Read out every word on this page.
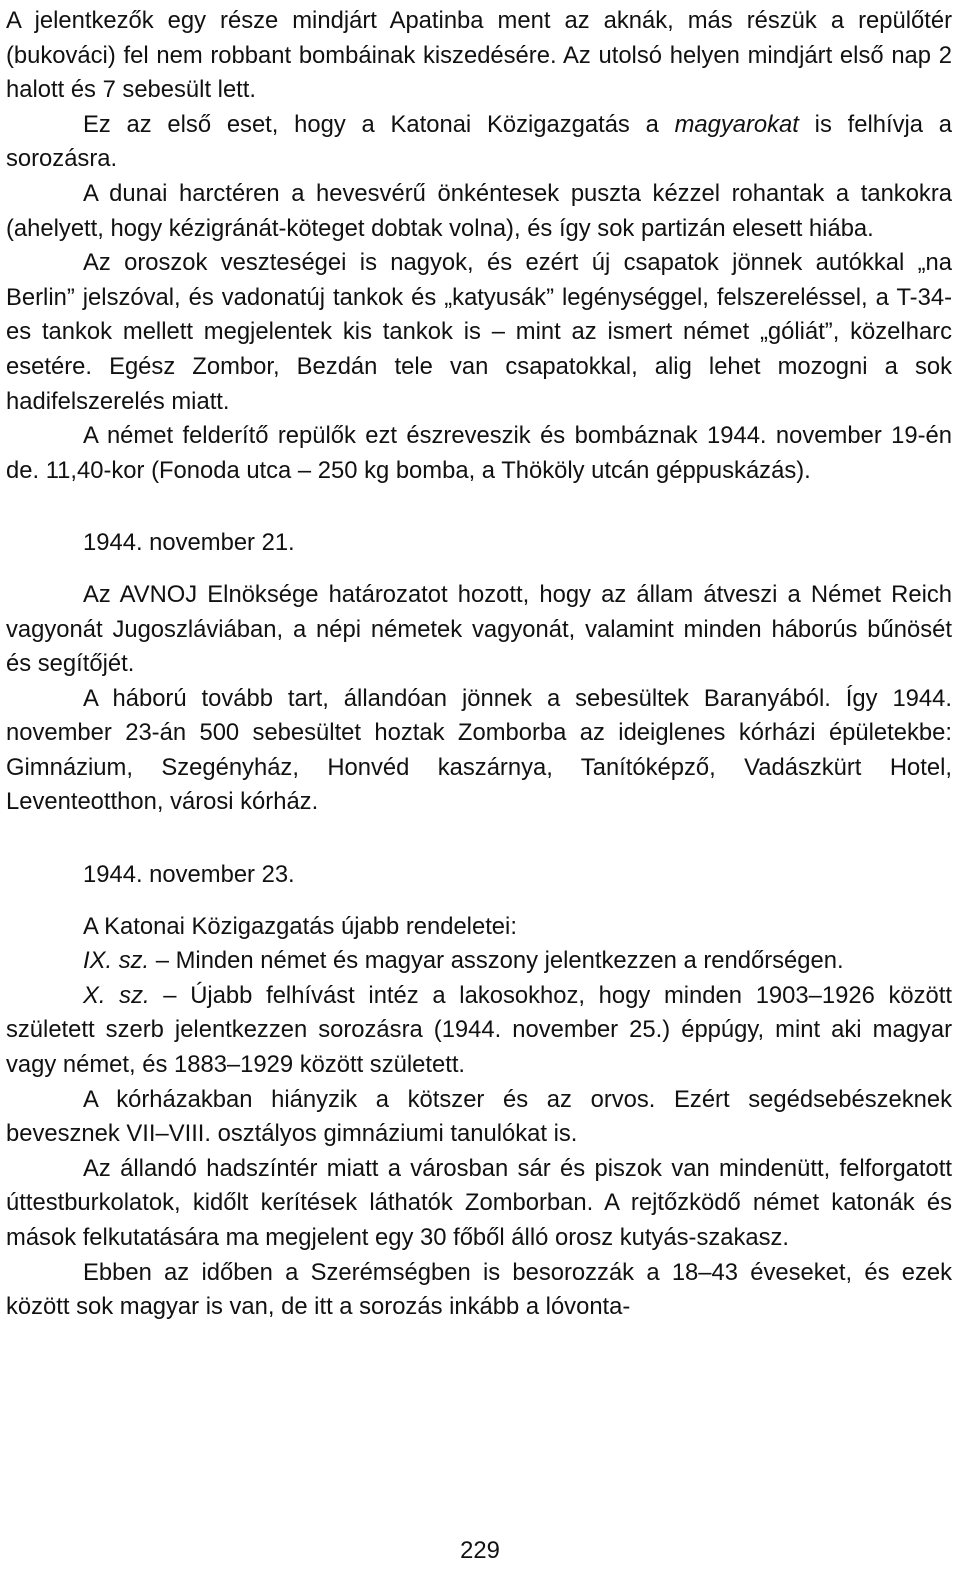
A jelentkezők egy része mindjárt Apatinba ment az aknák, más részük a repülőtér (bukováci) fel nem robbant bombáinak kiszedésére. Az utolsó helyen mindjárt első nap 2 halott és 7 sebesült lett.

Ez az első eset, hogy a Katonai Közigazgatás a magyarokat is felhívja a sorozásra.

A dunai harctéren a hevesvérű önkéntesek puszta kézzel rohantak a tankokra (ahelyett, hogy kézigránát-köteget dobtak volna), és így sok partizán elesett hiába.

Az oroszok veszteségei is nagyok, és ezért új csapatok jönnek autókkal „na Berlin” jelszóval, és vadonatúj tankok és „katyusák” legénységgel, felszereléssel, a T-34-es tankok mellett megjelentek kis tankok is – mint az ismert német „góliát”, közelharc esetére. Egész Zombor, Bezdán tele van csapatokkal, alig lehet mozogni a sok hadifelszerelés miatt.

A német felderítő repülők ezt észreveszik és bombáznak 1944. november 19-én de. 11,40-kor (Fonoda utca – 250 kg bomba, a Thököly utcán géppuskázás).

1944. november 21.

Az AVNOJ Elnöksége határozatot hozott, hogy az állam átveszi a Német Reich vagyonát Jugoszláviában, a népi németek vagyonát, valamint minden háborús bűnösét és segítőjét.

A háború tovább tart, állandóan jönnek a sebesültek Baranyából. Így 1944. november 23-án 500 sebesültet hoztak Zomborba az ideiglenes kórházi épületekbe: Gimnázium, Szegényház, Honvéd kaszárnya, Tanítóképző, Vadászkürt Hotel, Leventeotthon, városi kórház.

1944. november 23.

A Katonai Közigazgatás újabb rendeletei:

IX. sz. – Minden német és magyar asszony jelentkezzen a rendőrségen.

X. sz. – Újabb felhívást intéz a lakosokhoz, hogy minden 1903–1926 között született szerb jelentkezzen sorozásra (1944. november 25.) éppúgy, mint aki magyar vagy német, és 1883–1929 között született.

A kórházakban hiányzik a kötszer és az orvos. Ezért segédsebészeknek bevesznek VII–VIII. osztályos gimnáziumi tanulókat is.

Az állandó hadszíntér miatt a városban sár és piszok van mindenütt, felforgatott úttestburkolatok, kidőlt kerítések láthatók Zomborban. A rejtőzködő német katonák és mások felkutatására ma megjelent egy 30 főből álló orosz kutyás-szakasz.

Ebben az időben a Szerémségben is besorozzák a 18–43 éveseket, és ezek között sok magyar is van, de itt a sorozás inkább a lóvonta-

229
